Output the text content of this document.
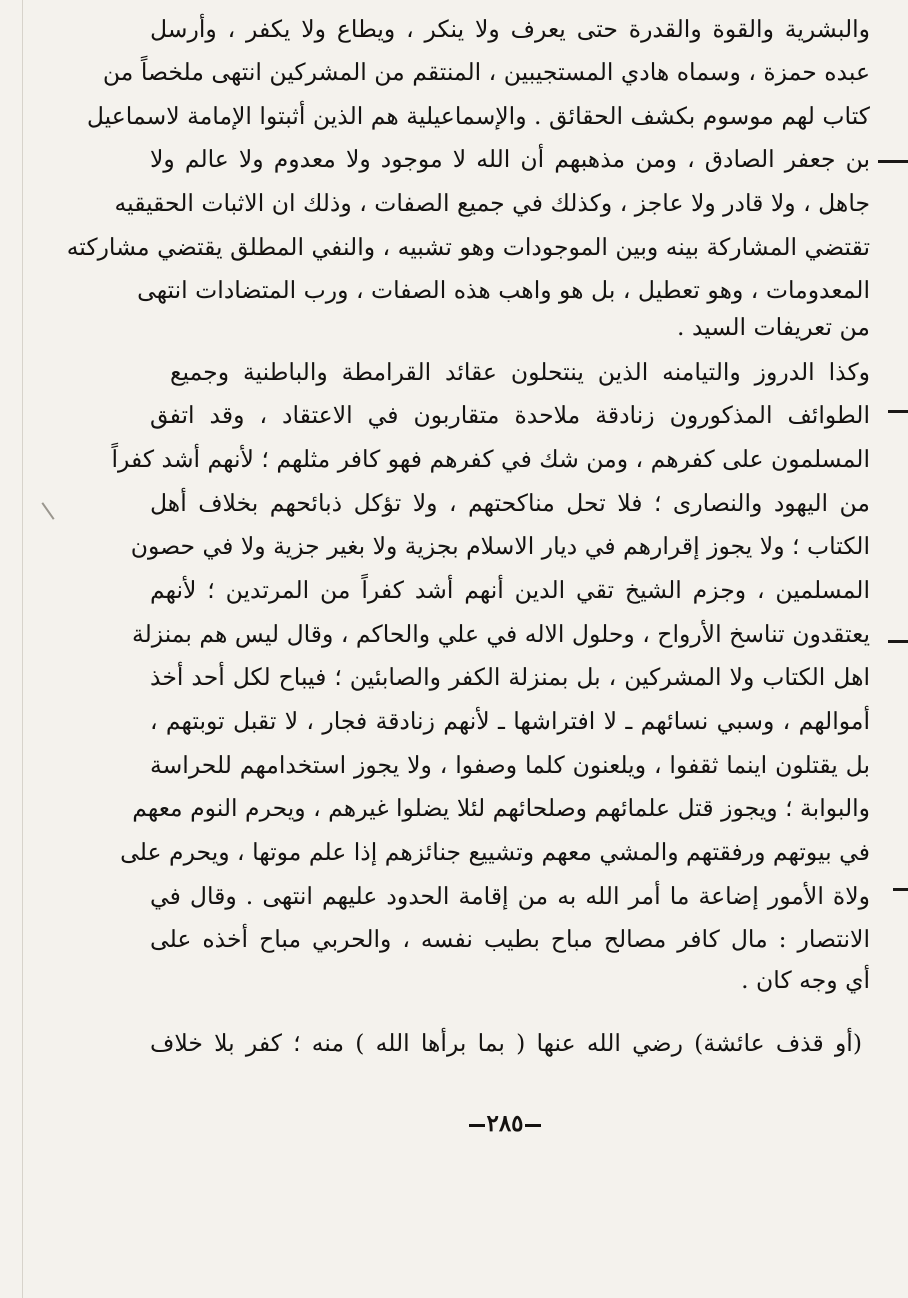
والبشرية والقوة والقدرة حتى يعرف ولا ينكر ، ويطاع ولا يكفر ، وأرسل
عبده حمزة ، وسماه هادي المستجيبين ، المنتقم من المشركين انتهى ملخصاً من
كتاب لهم موسوم بكشف الحقائق . والإسماعيلية هم الذين أثبتوا الإمامة لاسماعيل
بن جعفر الصادق ، ومن مذهبهم أن الله لا موجود ولا معدوم ولا عالم ولا
جاهل ، ولا قادر ولا عاجز ، وكذلك في جميع الصفات ، وذلك ان الاثبات الحقيقيه
تقتضي المشاركة بينه وبين الموجودات وهو تشبيه ، والنفي المطلق يقتضي مشاركته
المعدومات ، وهو تعطيل ، بل هو واهب هذه الصفات ، ورب المتضادات انتهى
من تعريفات السيد .
وكذا الدروز والتيامنه الذين ينتحلون عقائد القرامطة والباطنية وجميع
الطوائف المذكورون زنادقة ملاحدة متقاربون في الاعتقاد ، وقد اتفق
المسلمون على كفرهم ، ومن شك في كفرهم فهو كافر مثلهم ؛ لأنهم أشد كفراً
من اليهود والنصارى ؛ فلا تحل مناكحتهم ، ولا تؤكل ذبائحهم بخلاف أهل
الكتاب ؛ ولا يجوز إقرارهم في ديار الاسلام بجزية ولا بغير جزية ولا في حصون
المسلمين ، وجزم الشيخ تقي الدين أنهم أشد كفراً من المرتدين ؛ لأنهم
يعتقدون تناسخ الأرواح ، وحلول الاله في علي والحاكم ، وقال ليس هم بمنزلة
اهل الكتاب ولا المشركين ، بل بمنزلة الكفر والصابئين ؛ فيباح لكل أحد أخذ
أموالهم ، وسبي نسائهم ـ لا افتراشها ـ لأنهم زنادقة فجار ، لا تقبل توبتهم ،
بل يقتلون اينما ثقفوا ، ويلعنون كلما وصفوا ، ولا يجوز استخدامهم للحراسة
والبوابة ؛ ويجوز قتل علمائهم وصلحائهم لئلا يضلوا غيرهم ، ويحرم النوم معهم
في بيوتهم ورفقتهم والمشي معهم وتشييع جنائزهم إذا علم موتها ، ويحرم على
ولاة الأمور إضاعة ما أمر الله به من إقامة الحدود عليهم انتهى . وقال في
الانتصار : مال كافر مصالح مباح بطيب نفسه ، والحربي مباح أخذه على
أي وجه كان .
(أو قذف عائشة) رضي الله عنها ( بما برأها الله ) منه ؛ كفر بلا خلاف
٢٨٥
